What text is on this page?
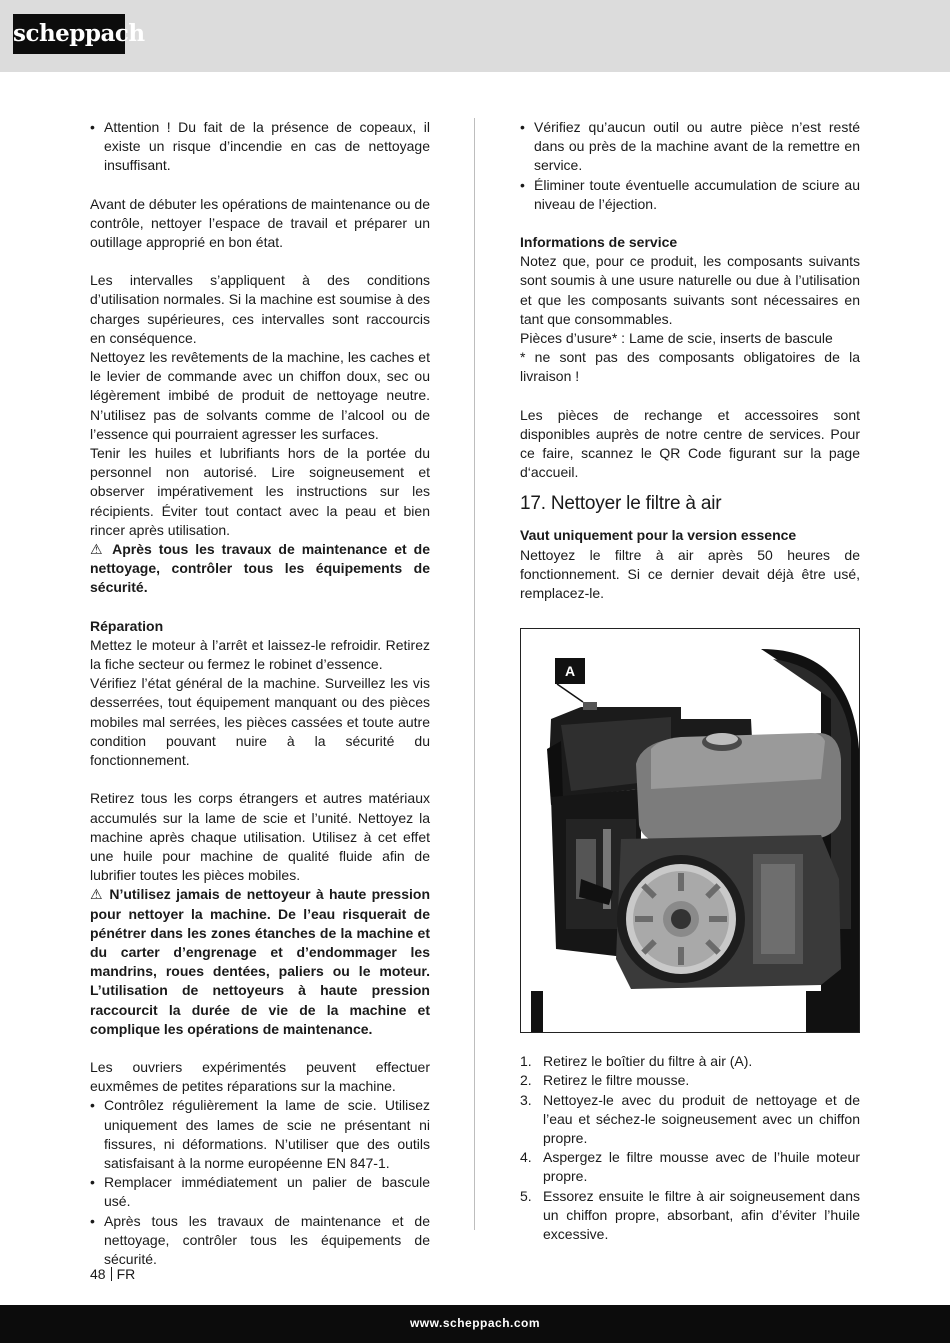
scheppach
• Attention ! Du fait de la présence de copeaux, il existe un risque d’incendie en cas de nettoyage insuffisant.

Avant de débuter les opérations de maintenance ou de contrôle, nettoyer l’espace de travail et préparer un outillage approprié en bon état.

Les intervalles s’appliquent à des conditions d’utilisation normales. Si la machine est soumise à des charges supérieures, ces intervalles sont raccourcis en conséquence.

Nettoyez les revêtements de la machine, les caches et le levier de commande avec un chiffon doux, sec ou légèrement imbibé de produit de nettoyage neutre. N’utilisez pas de solvants comme de l’alcool ou de l’essence qui pourraient agresser les surfaces.

Tenir les huiles et lubrifiants hors de la portée du personnel non autorisé. Lire soigneusement et observer impérativement les instructions sur les récipients. Éviter tout contact avec la peau et bien rincer après utilisation.

⚠ Après tous les travaux de maintenance et de nettoyage, contrôler tous les équipements de sécurité.

Réparation

Mettez le moteur à l’arrêt et laissez-le refroidir. Retirez la fiche secteur ou fermez le robinet d’essence.

Vérifiez l’état général de la machine. Surveillez les vis desserrées, tout équipement manquant ou des pièces mobiles mal serrées, les pièces cassées et toute autre condition pouvant nuire à la sécurité du fonctionnement.

Retirez tous les corps étrangers et autres matériaux accumulés sur la lame de scie et l’unité. Nettoyez la machine après chaque utilisation. Utilisez à cet effet une huile pour machine de qualité fluide afin de lubrifier toutes les pièces mobiles.

⚠ N’utilisez jamais de nettoyeur à haute pression pour nettoyer la machine. De l’eau risquerait de pénétrer dans les zones étanches de la machine et du carter d’engrenage et d’endommager les mandrins, roues dentées, paliers ou le moteur. L’utilisation de nettoyeurs à haute pression raccourcit la durée de vie de la machine et complique les opérations de maintenance.

Les ouvriers expérimentés peuvent effectuer euxmêmes de petites réparations sur la machine.

• Contrôlez régulièrement la lame de scie. Utilisez uniquement des lames de scie ne présentant ni fissures, ni déformations. N’utiliser que des outils satisfaisant à la norme européenne EN 847-1.
• Remplacer immédiatement un palier de bascule usé.
• Après tous les travaux de maintenance et de nettoyage, contrôler tous les équipements de sécurité.
• Vérifiez qu’aucun outil ou autre pièce n’est resté dans ou près de la machine avant de la remettre en service.
• Éliminer toute éventuelle accumulation de sciure au niveau de l’éjection.

Informations de service

Notez que, pour ce produit, les composants suivants sont soumis à une usure naturelle ou due à l’utilisation et que les composants suivants sont nécessaires en tant que consommables.

Pièces d’usure* : Lame de scie, inserts de bascule

* ne sont pas des composants obligatoires de la livraison !

Les pièces de rechange et accessoires sont disponibles auprès de notre centre de services. Pour ce faire, scannez le QR Code figurant sur la page d‘accueil.

17. Nettoyer le filtre à air

Vaut uniquement pour la version essence

Nettoyez le filtre à air après 50 heures de fonctionnement. Si ce dernier devait déjà être usé, remplacez-le.

A
1. Retirez le boîtier du filtre à air (A).
2. Retirez le filtre mousse.
3. Nettoyez-le avec du produit de nettoyage et de l’eau et séchez-le soigneusement avec un chiffon propre.
4. Aspergez le filtre mousse avec de l’huile moteur propre.
5. Essorez ensuite le filtre à air soigneusement dans un chiffon propre, absorbant, afin d’éviter l’huile excessive.
48 FR
www.scheppach.com
